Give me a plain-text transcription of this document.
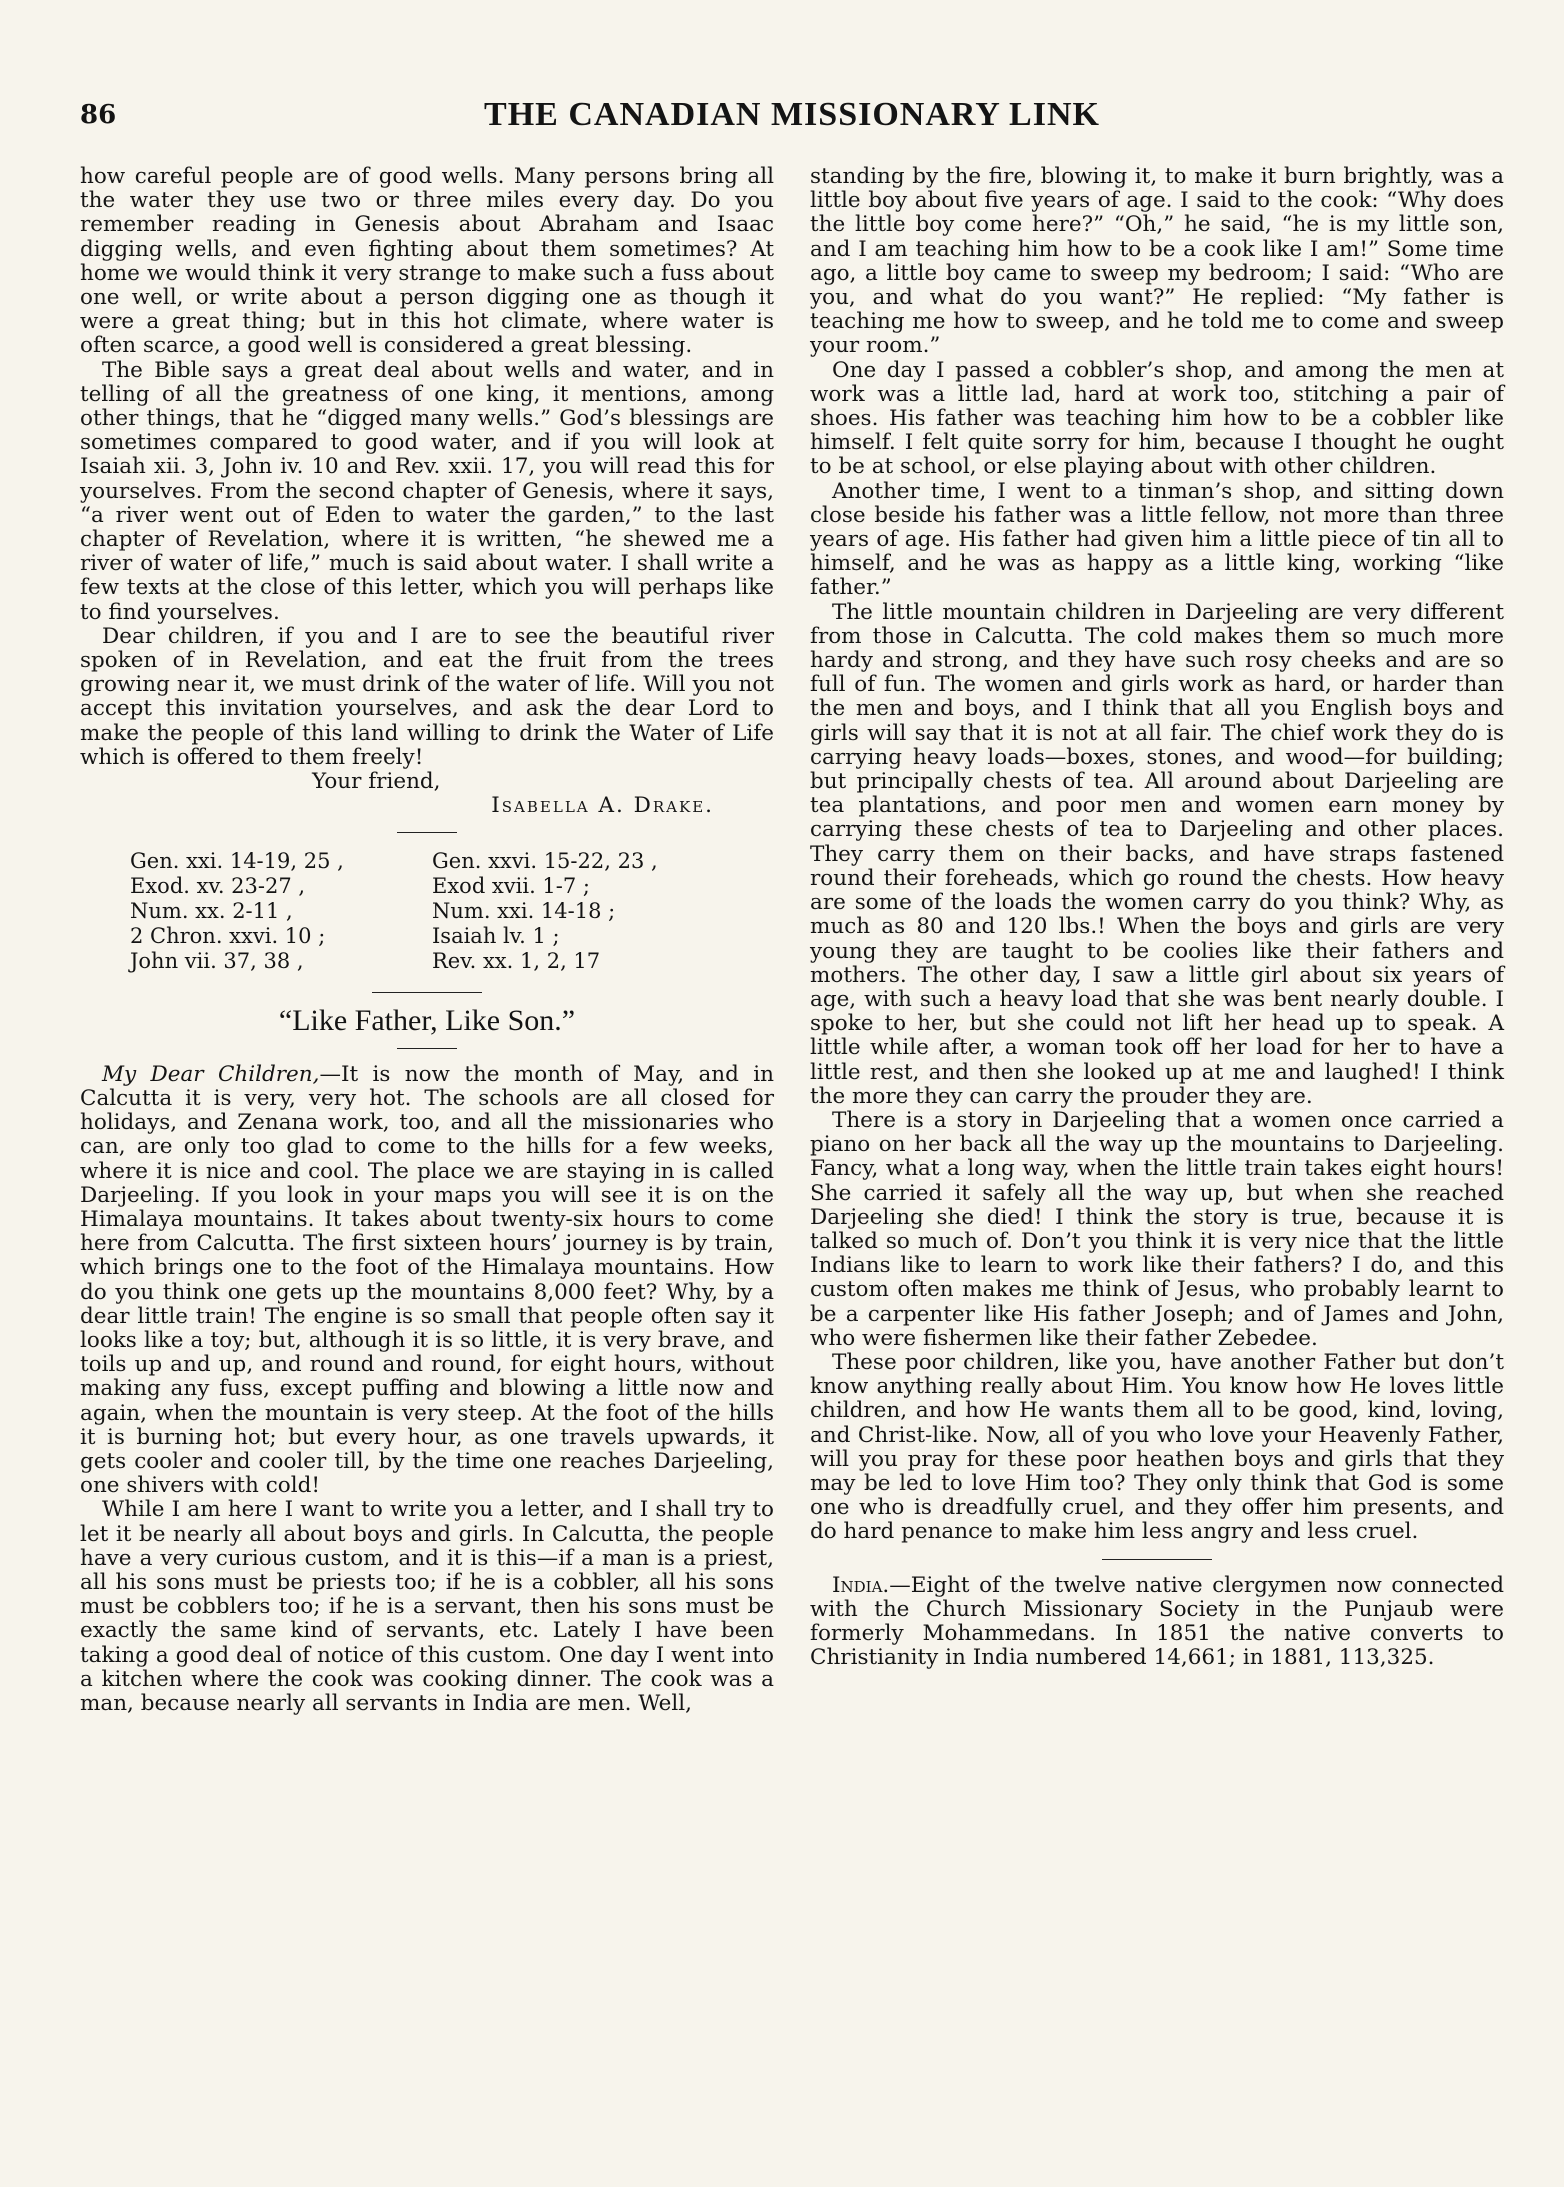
86	THE CANADIAN MISSIONARY LINK

how careful people are of good wells. Many persons bring all the water they use two or three miles every day. Do you remember reading in Genesis about Abraham and Isaac digging wells, and even fighting about them sometimes? At home we would think it very strange to make such a fuss about one well, or write about a person digging one as though it were a great thing; but in this hot climate, where water is often scarce, a good well is considered a great blessing.

The Bible says a great deal about wells and water, and in telling of all the greatness of one king, it mentions, among other things, that he “digged many wells.” God’s blessings are sometimes compared to good water, and if you will look at Isaiah xii. 3, John iv. 10 and Rev. xxii. 17, you will read this for yourselves. From the second chapter of Genesis, where it says, “a river went out of Eden to water the garden,” to the last chapter of Revelation, where it is written, “he shewed me a river of water of life,” much is said about water. I shall write a few texts at the close of this letter, which you will perhaps like to find yourselves.

Dear children, if you and I are to see the beautiful river spoken of in Revelation, and eat the fruit from the trees growing near it, we must drink of the water of life. Will you not accept this invitation yourselves, and ask the dear Lord to make the people of this land willing to drink the Water of Life which is offered to them freely!

Your friend,

Isabella A. Drake.

Gen. xxi. 14-19, 25 ,
Exod. xv. 23-27 ,
Num. xx. 2-11 ,
2 Chron. xxvi. 10 ;
John vii. 37, 38 ,
Gen. xxvi. 15-22, 23 ,
Exod xvii. 1-7 ;
Num. xxi. 14-18 ;
Isaiah lv. 1 ;
Rev. xx. 1, 2, 17
“Like Father, Like Son.”

My Dear Children,—It is now the month of May, and in Calcutta it is very, very hot. The schools are all closed for holidays, and Zenana work, too, and all the missionaries who can, are only too glad to come to the hills for a few weeks, where it is nice and cool. The place we are staying in is called Darjeeling. If you look in your maps you will see it is on the Himalaya mountains. It takes about twenty-six hours to come here from Calcutta. The first sixteen hours’ journey is by train, which brings one to the foot of the Himalaya mountains. How do you think one gets up the mountains 8,000 feet? Why, by a dear little train! The engine is so small that people often say it looks like a toy; but, although it is so little, it is very brave, and toils up and up, and round and round, for eight hours, without making any fuss, except puffing and blowing a little now and again, when the mountain is very steep. At the foot of the hills it is burning hot; but every hour, as one travels upwards, it gets cooler and cooler till, by the time one reaches Darjeeling, one shivers with cold!

While I am here I want to write you a letter, and I shall try to let it be nearly all about boys and girls. In Calcutta, the people have a very curious custom, and it is this—if a man is a priest, all his sons must be priests too; if he is a cobbler, all his sons must be cobblers too; if he is a servant, then his sons must be exactly the same kind of servants, etc. Lately I have been taking a good deal of notice of this custom. One day I went into a kitchen where the cook was cooking dinner. The cook was a man, because nearly all servants in India are men. Well,

standing by the fire, blowing it, to make it burn brightly, was a little boy about five years of age. I said to the cook: “Why does the little boy come here?” “Oh,” he said, “he is my little son, and I am teaching him how to be a cook like I am!” Some time ago, a little boy came to sweep my bedroom; I said: “Who are you, and what do you want?” He replied: “My father is teaching me how to sweep, and he told me to come and sweep your room.”

One day I passed a cobbler’s shop, and among the men at work was a little lad, hard at work too, stitching a pair of shoes. His father was teaching him how to be a cobbler like himself. I felt quite sorry for him, because I thought he ought to be at school, or else playing about with other children.

Another time, I went to a tinman’s shop, and sitting down close beside his father was a little fellow, not more than three years of age. His father had given him a little piece of tin all to himself, and he was as happy as a little king, working “like father.”

The little mountain children in Darjeeling are very different from those in Calcutta. The cold makes them so much more hardy and strong, and they have such rosy cheeks and are so full of fun. The women and girls work as hard, or harder than the men and boys, and I think that all you English boys and girls will say that it is not at all fair. The chief work they do is carrying heavy loads—boxes, stones, and wood—for building; but principally chests of tea. All around about Darjeeling are tea plantations, and poor men and women earn money by carrying these chests of tea to Darjeeling and other places. They carry them on their backs, and have straps fastened round their foreheads, which go round the chests. How heavy are some of the loads the women carry do you think? Why, as much as 80 and 120 lbs.! When the boys and girls are very young they are taught to be coolies like their fathers and mothers. The other day, I saw a little girl about six years of age, with such a heavy load that she was bent nearly double. I spoke to her, but she could not lift her head up to speak. A little while after, a woman took off her load for her to have a little rest, and then she looked up at me and laughed! I think the more they can carry the prouder they are.

There is a story in Darjeeling that a women once carried a piano on her back all the way up the mountains to Darjeeling. Fancy, what a long way, when the little train takes eight hours! She carried it safely all the way up, but when she reached Darjeeling she died! I think the story is true, because it is talked so much of. Don’t you think it is very nice that the little Indians like to learn to work like their fathers? I do, and this custom often makes me think of Jesus, who probably learnt to be a carpenter like His father Joseph; and of James and John, who were fishermen like their father Zebedee.

These poor children, like you, have another Father but don’t know anything really about Him. You know how He loves little children, and how He wants them all to be good, kind, loving, and Christ-like. Now, all of you who love your Heavenly Father, will you pray for these poor heathen boys and girls that they may be led to love Him too? They only think that God is some one who is dreadfully cruel, and they offer him presents, and do hard penance to make him less angry and less cruel.

India.—Eight of the twelve native clergymen now connected with the Church Missionary Society in the Punjaub were formerly Mohammedans. In 1851 the native converts to Christianity in India numbered 14,661; in 1881, 113,325.
